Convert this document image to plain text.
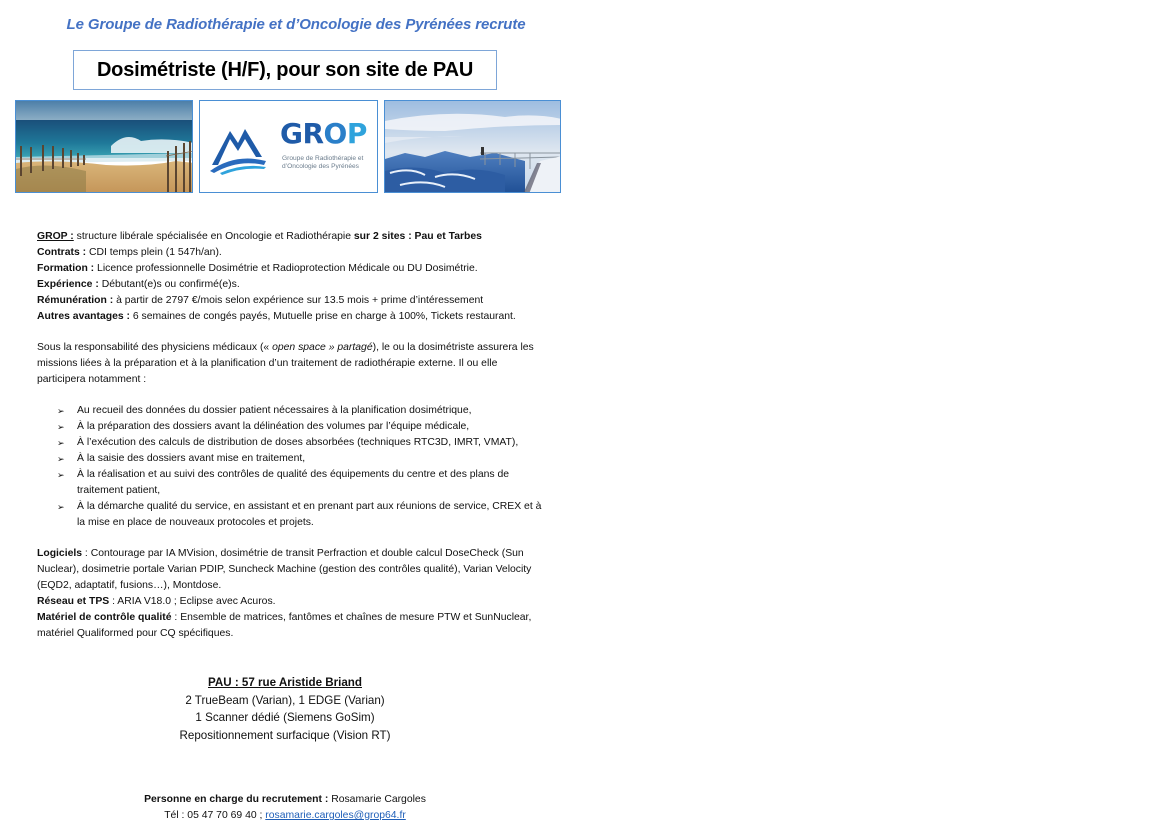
Le Groupe de Radiothérapie et d’Oncologie des Pyrénées recrute
Dosimétriste (H/F), pour son site de PAU
GROP
Groupe de Radiothérapie et
d’Oncologie des Pyrénées
GROP : structure libérale spécialisée en Oncologie et Radiothérapie sur 2 sites : Pau et Tarbes
Contrats : CDI temps plein (1 547h/an).
Formation : Licence professionnelle Dosimétrie et Radioprotection Médicale ou DU Dosimétrie.
Expérience : Débutant(e)s ou confirmé(e)s.
Rémunération : à partir de 2797 €/mois selon expérience sur 13.5 mois + prime d’intéressement
Autres avantages : 6 semaines de congés payés, Mutuelle prise en charge à 100%, Tickets restaurant.
Sous la responsabilité des physiciens médicaux (« open space » partagé), le ou la dosimétriste assurera les missions liées à la préparation et à la planification d’un traitement de radiothérapie externe. Il ou elle participera notamment :
➢ Au recueil des données du dossier patient nécessaires à la planification dosimétrique,
➢ À la préparation des dossiers avant la délinéation des volumes par l’équipe médicale,
➢ À l’exécution des calculs de distribution de doses absorbées (techniques RTC3D, IMRT, VMAT),
➢ À la saisie des dossiers avant mise en traitement,
➢ À la réalisation et au suivi des contrôles de qualité des équipements du centre et des plans de traitement patient,
➢ À la démarche qualité du service, en assistant et en prenant part aux réunions de service, CREX et à la mise en place de nouveaux protocoles et projets.
Logiciels : Contourage par IA MVision, dosimétrie de transit Perfraction et double calcul DoseCheck (Sun Nuclear), dosimetrie portale Varian PDIP, Suncheck Machine (gestion des contrôles qualité), Varian Velocity (EQD2, adaptatif, fusions…), Montdose.
Réseau et TPS : ARIA V18.0 ; Eclipse avec Acuros.
Matériel de contrôle qualité : Ensemble de matrices, fantômes et chaînes de mesure PTW et SunNuclear, matériel Qualiformed pour CQ spécifiques.
PAU : 57 rue Aristide Briand
2 TrueBeam (Varian), 1 EDGE (Varian)
1 Scanner dédié (Siemens GoSim)
Repositionnement surfacique (Vision RT)
Personne en charge du recrutement : Rosamarie Cargoles
Tél : 05 47 70 69 40 ; rosamarie.cargoles@grop64.fr
